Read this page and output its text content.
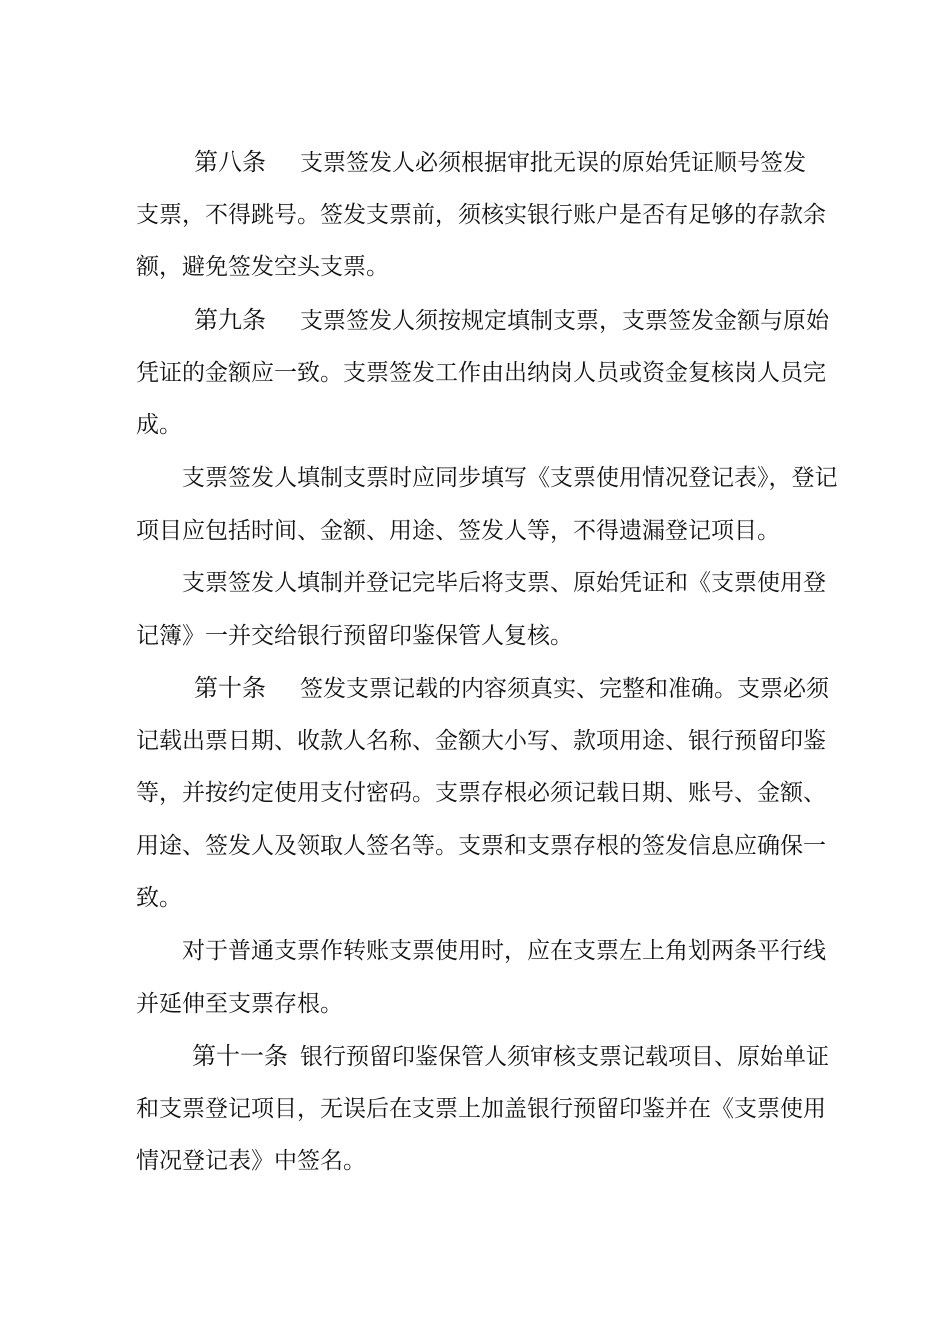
第八条 支票签发人必须根据审批无误的原始凭证顺号签发
支票，不得跳号。签发支票前，须核实银行账户是否有足够的存款余
额，避免签发空头支票。
第九条 支票签发人须按规定填制支票，支票签发金额与原始
凭证的金额应一致。支票签发工作由出纳岗人员或资金复核岗人员完
成。
支票签发人填制支票时应同步填写《支票使用情况登记表》，登记
项目应包括时间、金额、用途、签发人等，不得遗漏登记项目。
支票签发人填制并登记完毕后将支票、原始凭证和《支票使用登
记簿》一并交给银行预留印鉴保管人复核。
第十条 签发支票记载的内容须真实、完整和准确。支票必须
记载出票日期、收款人名称、金额大小写、款项用途、银行预留印鉴
等，并按约定使用支付密码。支票存根必须记载日期、账号、金额、
用途、签发人及领取人签名等。支票和支票存根的签发信息应确保一
致。
对于普通支票作转账支票使用时，应在支票左上角划两条平行线
并延伸至支票存根。
第十一条 银行预留印鉴保管人须审核支票记载项目、原始单证
和支票登记项目，无误后在支票上加盖银行预留印鉴并在《支票使用
情况登记表》中签名。
